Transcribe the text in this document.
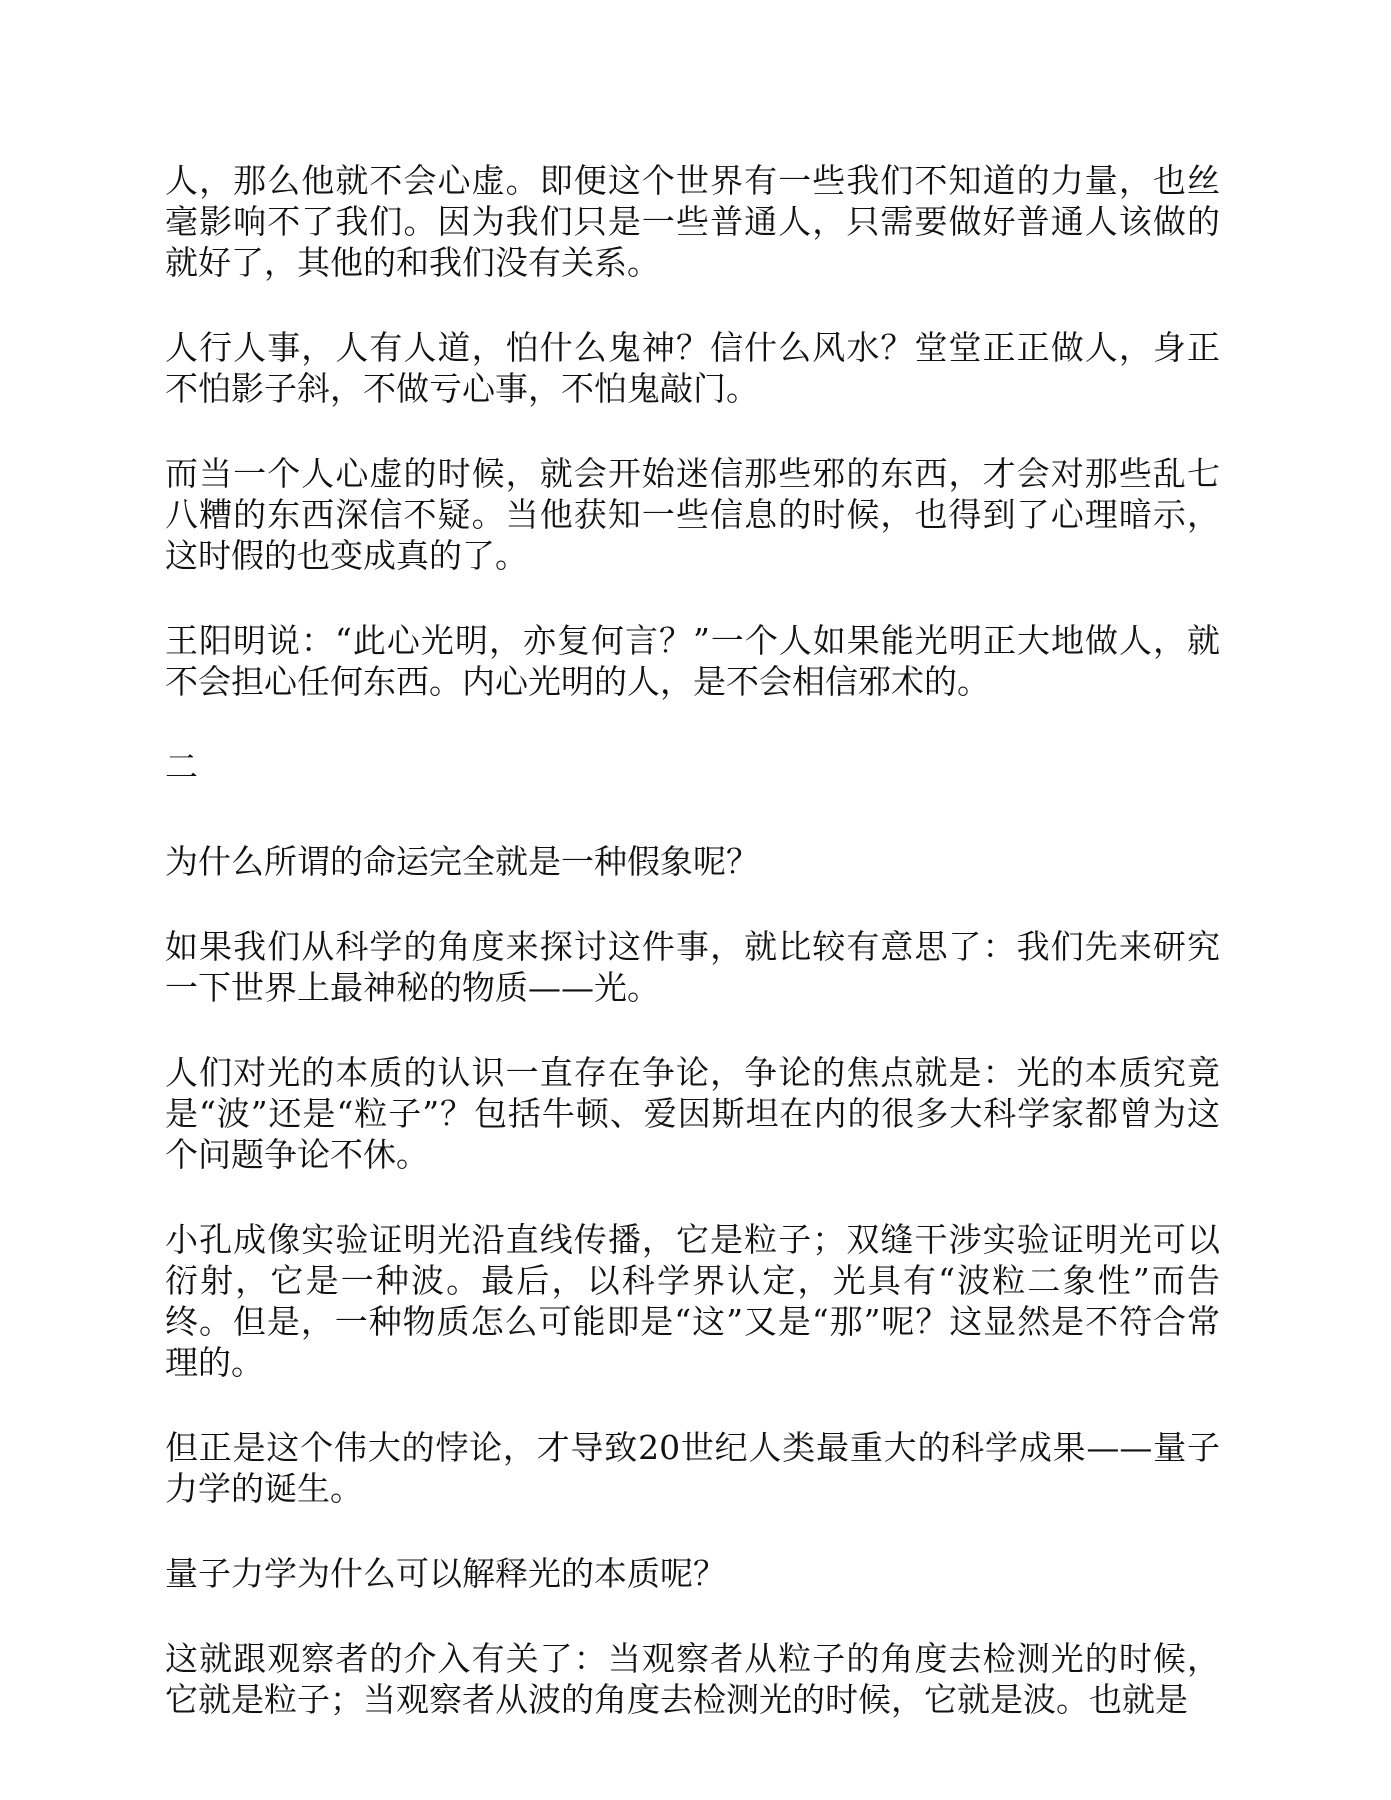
人，那么他就不会心虚。即便这个世界有一些我们不知道的力量，也丝毫影响不了我们。因为我们只是一些普通人，只需要做好普通人该做的就好了，其他的和我们没有关系。

人行人事，人有人道，怕什么鬼神？信什么风水？堂堂正正做人，身正不怕影子斜，不做亏心事，不怕鬼敲门。

而当一个人心虚的时候，就会开始迷信那些邪的东西，才会对那些乱七八糟的东西深信不疑。当他获知一些信息的时候，也得到了心理暗示，这时假的也变成真的了。

王阳明说：“此心光明，亦复何言？”一个人如果能光明正大地做人，就不会担心任何东西。内心光明的人，是不会相信邪术的。

二

为什么所谓的命运完全就是一种假象呢？

如果我们从科学的角度来探讨这件事，就比较有意思了：我们先来研究一下世界上最神秘的物质——光。

人们对光的本质的认识一直存在争论，争论的焦点就是：光的本质究竟是“波”还是“粒子”？包括牛顿、爱因斯坦在内的很多大科学家都曾为这个问题争论不休。

小孔成像实验证明光沿直线传播，它是粒子；双缝干涉实验证明光可以衍射，它是一种波。最后，以科学界认定，光具有“波粒二象性”而告终。但是，一种物质怎么可能即是“这”又是“那”呢？这显然是不符合常理的。

但正是这个伟大的悖论，才导致20世纪人类最重大的科学成果——量子力学的诞生。

量子力学为什么可以解释光的本质呢？

这就跟观察者的介入有关了：当观察者从粒子的角度去检测光的时候，它就是粒子；当观察者从波的角度去检测光的时候，它就是波。也就是
